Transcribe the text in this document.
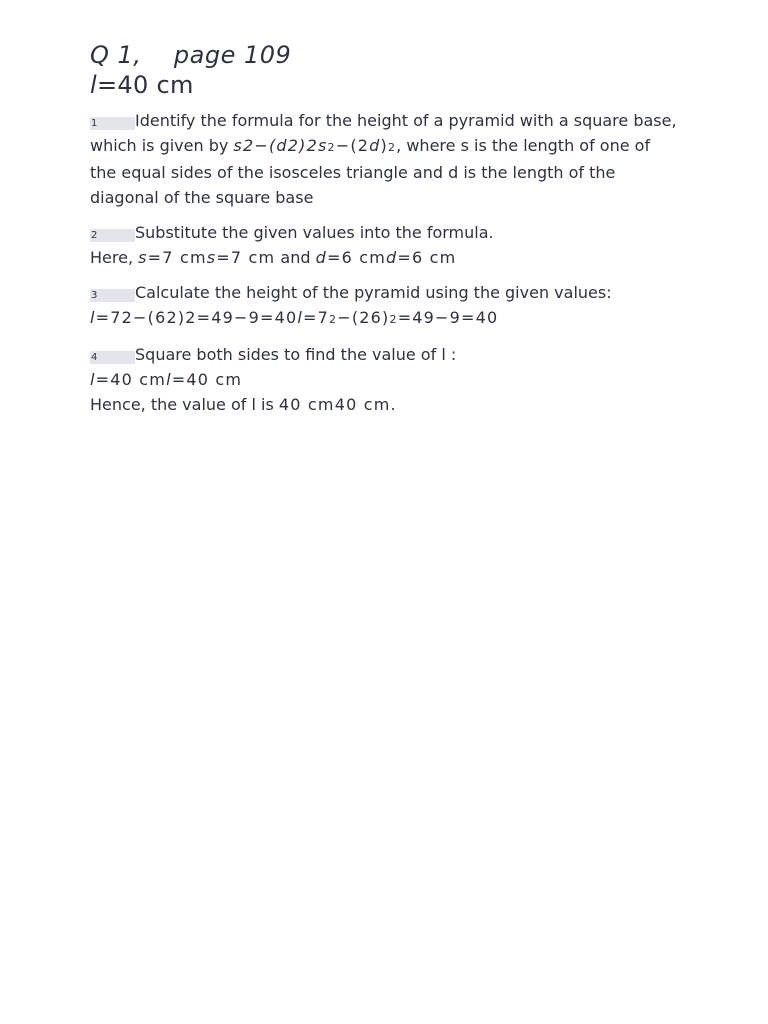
Q 1,    page 109

l=40 cm

1 Identify the formula for the height of a pyramid with a square base, which is given by s2−(d2)2s2−(2d)2, where s is the length of one of the equal sides of the isosceles triangle and d is the length of the diagonal of the square base
2 Substitute the given values into the formula.
Here, s=7 cms=7 cm and d=6 cmd=6 cm
3 Calculate the height of the pyramid using the given values:
l=72−(62)2=49−9=40l=72−(26)2=49−9=40
4 Square both sides to find the value of l :
l=40 cml=40 cm
Hence, the value of l is 40 cm40 cm.
